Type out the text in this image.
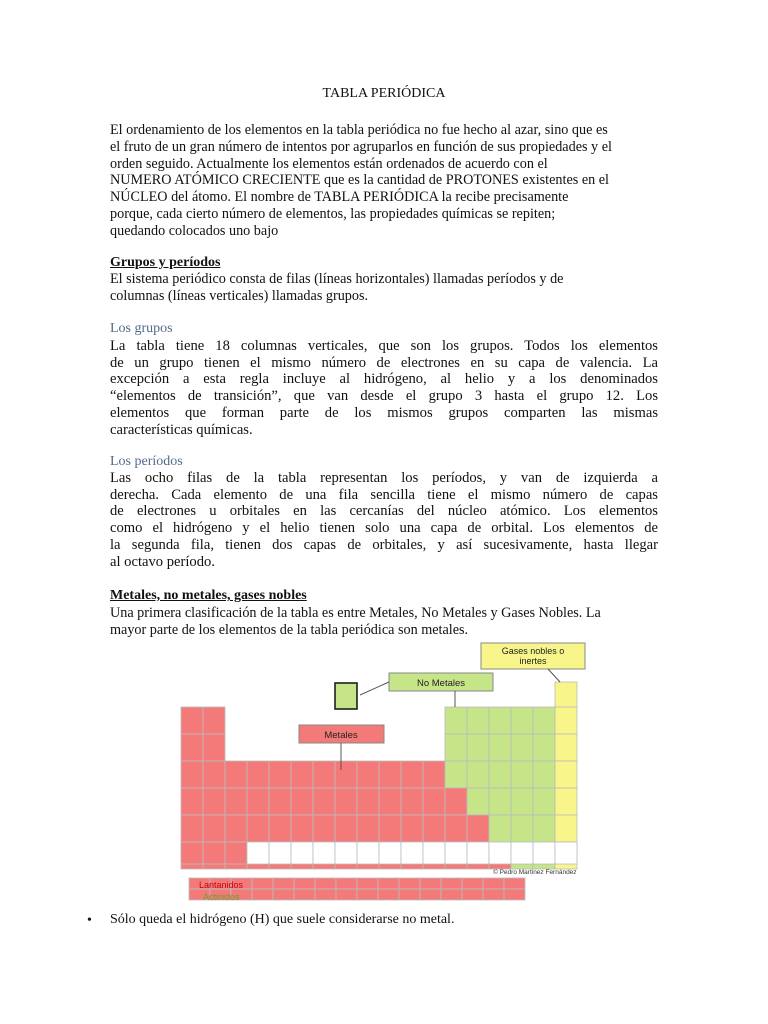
TABLA PERIÓDICA
El ordenamiento de los elementos en la tabla periódica no fue hecho al azar, sino que es
el fruto de un gran número de intentos por agruparlos en función de sus propiedades y el
orden seguido. Actualmente los elementos están ordenados de acuerdo con el
NUMERO ATÓMICO CRECIENTE que es la cantidad de PROTONES existentes en el
NÚCLEO del átomo. El nombre de TABLA PERIÓDICA la recibe precisamente
porque, cada cierto número de elementos, las propiedades químicas se repiten;
quedando colocados uno bajo
Grupos y períodos
El sistema periódico consta de filas (líneas horizontales) llamadas períodos y de
columnas (líneas verticales) llamadas grupos.
Los grupos
La tabla tiene 18 columnas verticales, que son los grupos. Todos los elementos
de un grupo tienen el mismo número de electrones en su capa de valencia. La
excepción a esta regla incluye al hidrógeno, al helio y a los denominados
“elementos de transición”, que van desde el grupo 3 hasta el grupo 12. Los
elementos que forman parte de los mismos grupos comparten las mismas
características químicas.
Los períodos
Las ocho filas de la tabla representan los períodos, y van de izquierda a
derecha. Cada elemento de una fila sencilla tiene el mismo número de capas
de electrones u orbitales en las cercanías del núcleo atómico. Los elementos
como el hidrógeno y el helio tienen solo una capa de orbital. Los elementos de
la segunda fila, tienen dos capas de orbitales, y así sucesivamente, hasta llegar
al octavo período.
Metales, no metales, gases nobles
Una primera clasificación de la tabla es entre Metales, No Metales y Gases Nobles. La
mayor parte de los elementos de la tabla periódica son metales.
Gases nobles o
inertes
No Metales
Metales
© Pedro Martinez Fernández
Lantanidos
Actinidos
• Sólo queda el hidrógeno (H) que suele considerarse no metal.
